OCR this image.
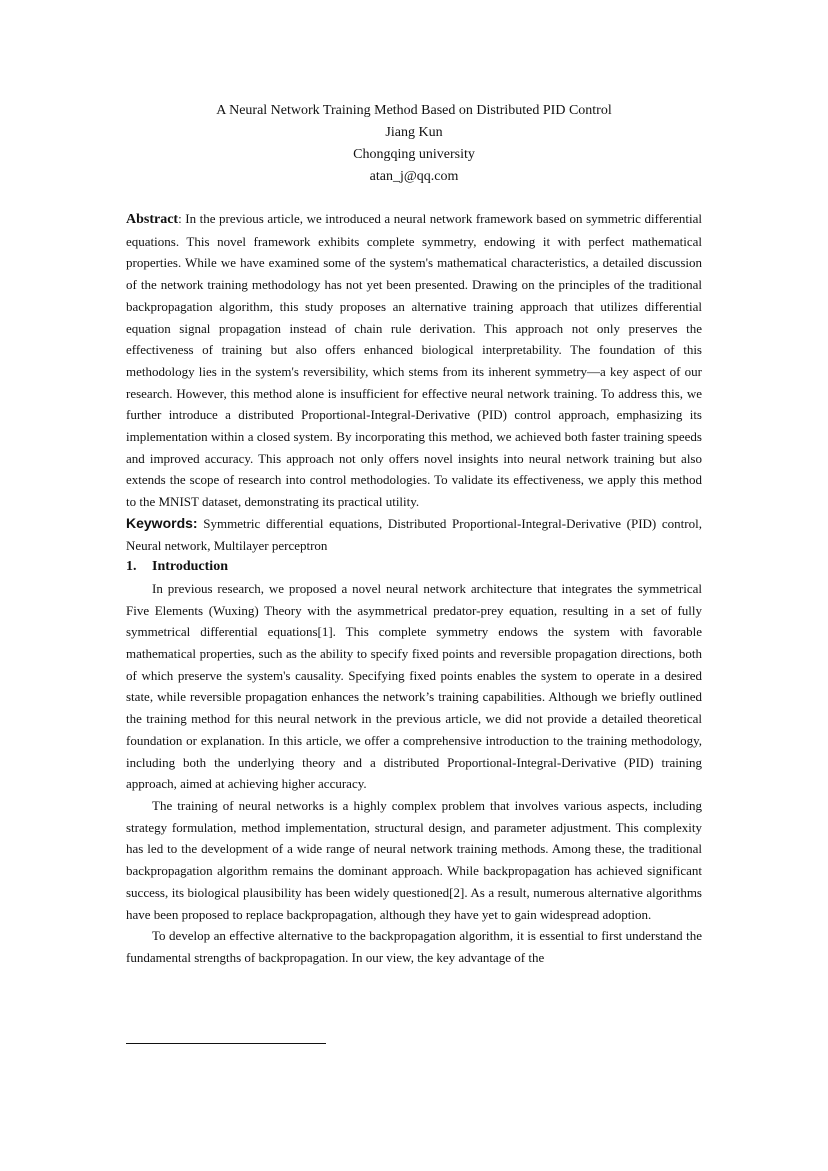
A Neural Network Training Method Based on Distributed PID Control
Jiang Kun
Chongqing university
atan_j@qq.com

Abstract: In the previous article, we introduced a neural network framework based on symmetric differential equations. This novel framework exhibits complete symmetry, endowing it with perfect mathematical properties. While we have examined some of the system's mathematical characteristics, a detailed discussion of the network training methodology has not yet been presented. Drawing on the principles of the traditional backpropagation algorithm, this study proposes an alternative training approach that utilizes differential equation signal propagation instead of chain rule derivation. This approach not only preserves the effectiveness of training but also offers enhanced biological interpretability. The foundation of this methodology lies in the system's reversibility, which stems from its inherent symmetry—a key aspect of our research. However, this method alone is insufficient for effective neural network training. To address this, we further introduce a distributed Proportional-Integral-Derivative (PID) control approach, emphasizing its implementation within a closed system. By incorporating this method, we achieved both faster training speeds and improved accuracy. This approach not only offers novel insights into neural network training but also extends the scope of research into control methodologies. To validate its effectiveness, we apply this method to the MNIST dataset, demonstrating its practical utility.

Keywords: Symmetric differential equations, Distributed Proportional-Integral-Derivative (PID) control, Neural network, Multilayer perceptron

1. Introduction

In previous research, we proposed a novel neural network architecture that integrates the symmetrical Five Elements (Wuxing) Theory with the asymmetrical predator-prey equation, resulting in a set of fully symmetrical differential equations[1]. This complete symmetry endows the system with favorable mathematical properties, such as the ability to specify fixed points and reversible propagation directions, both of which preserve the system's causality. Specifying fixed points enables the system to operate in a desired state, while reversible propagation enhances the network’s training capabilities. Although we briefly outlined the training method for this neural network in the previous article, we did not provide a detailed theoretical foundation or explanation. In this article, we offer a comprehensive introduction to the training methodology, including both the underlying theory and a distributed Proportional-Integral-Derivative (PID) training approach, aimed at achieving higher accuracy.

The training of neural networks is a highly complex problem that involves various aspects, including strategy formulation, method implementation, structural design, and parameter adjustment. This complexity has led to the development of a wide range of neural network training methods. Among these, the traditional backpropagation algorithm remains the dominant approach. While backpropagation has achieved significant success, its biological plausibility has been widely questioned[2]. As a result, numerous alternative algorithms have been proposed to replace backpropagation, although they have yet to gain widespread adoption.

To develop an effective alternative to the backpropagation algorithm, it is essential to first understand the fundamental strengths of backpropagation. In our view, the key advantage of the
